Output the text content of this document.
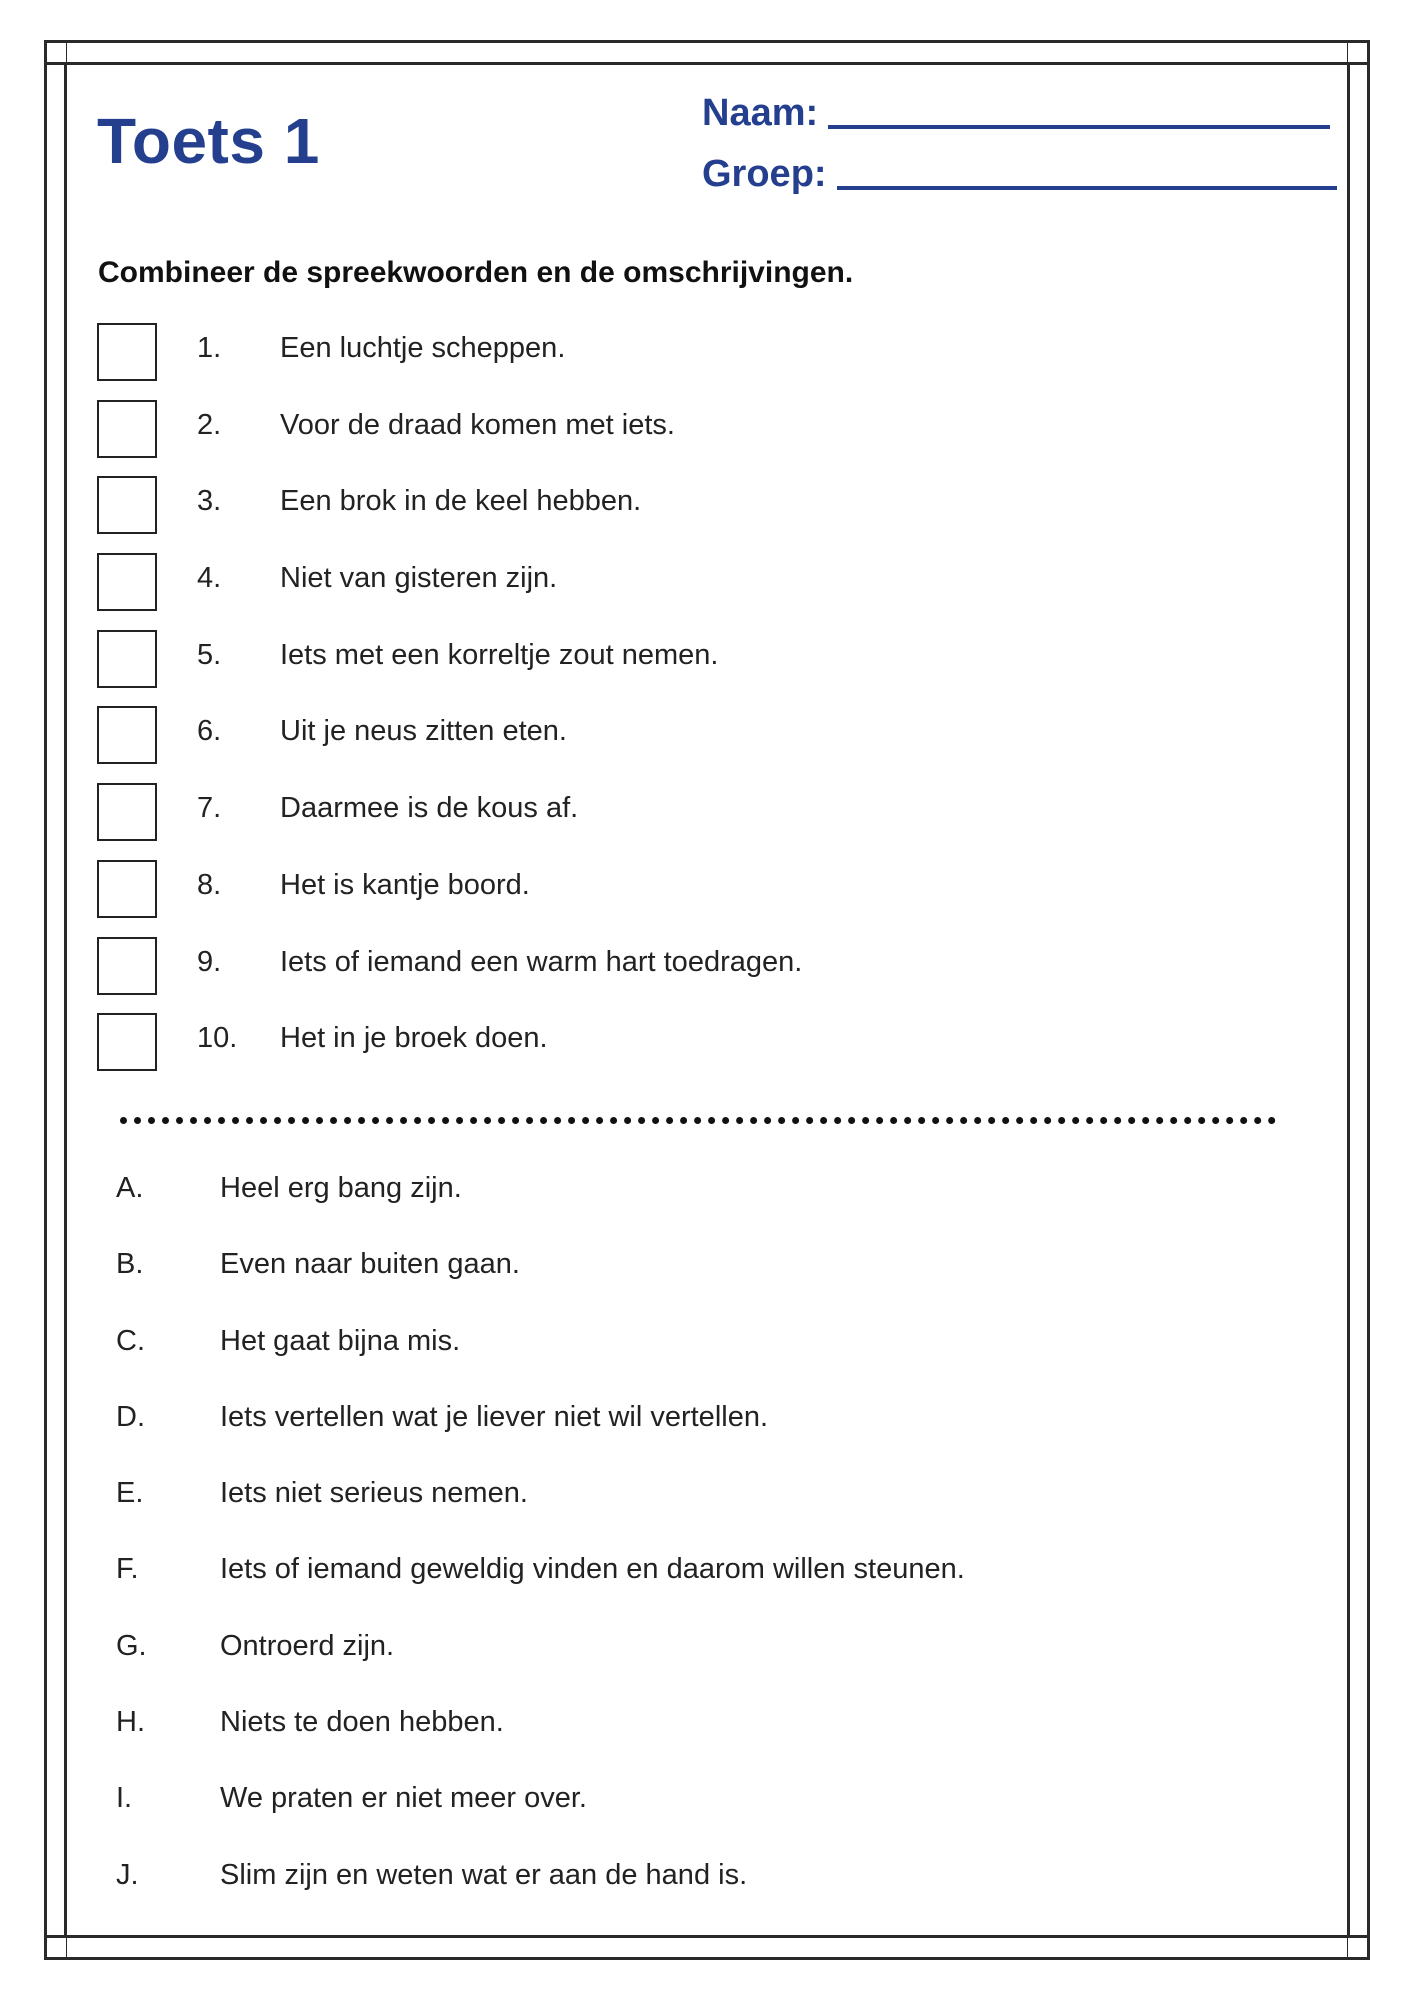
Toets 1	Naam:
Groep:
Combineer de spreekwoorden en de omschrijvingen.
1. Een luchtje scheppen.
2. Voor de draad komen met iets.
3. Een brok in de keel hebben.
4. Niet van gisteren zijn.
5. Iets met een korreltje zout nemen.
6. Uit je neus zitten eten.
7. Daarmee is de kous af.
8. Het is kantje boord.
9. Iets of iemand een warm hart toedragen.
10. Het in je broek doen.
A.	Heel erg bang zijn.
B.	Even naar buiten gaan.
C.	Het gaat bijna mis.
D.	Iets vertellen wat je liever niet wil vertellen.
E.	Iets niet serieus nemen.
F.	Iets of iemand geweldig vinden en daarom willen steunen.
G.	Ontroerd zijn.
H.	Niets te doen hebben.
I.	We praten er niet meer over.
J.	Slim zijn en weten wat er aan de hand is.
